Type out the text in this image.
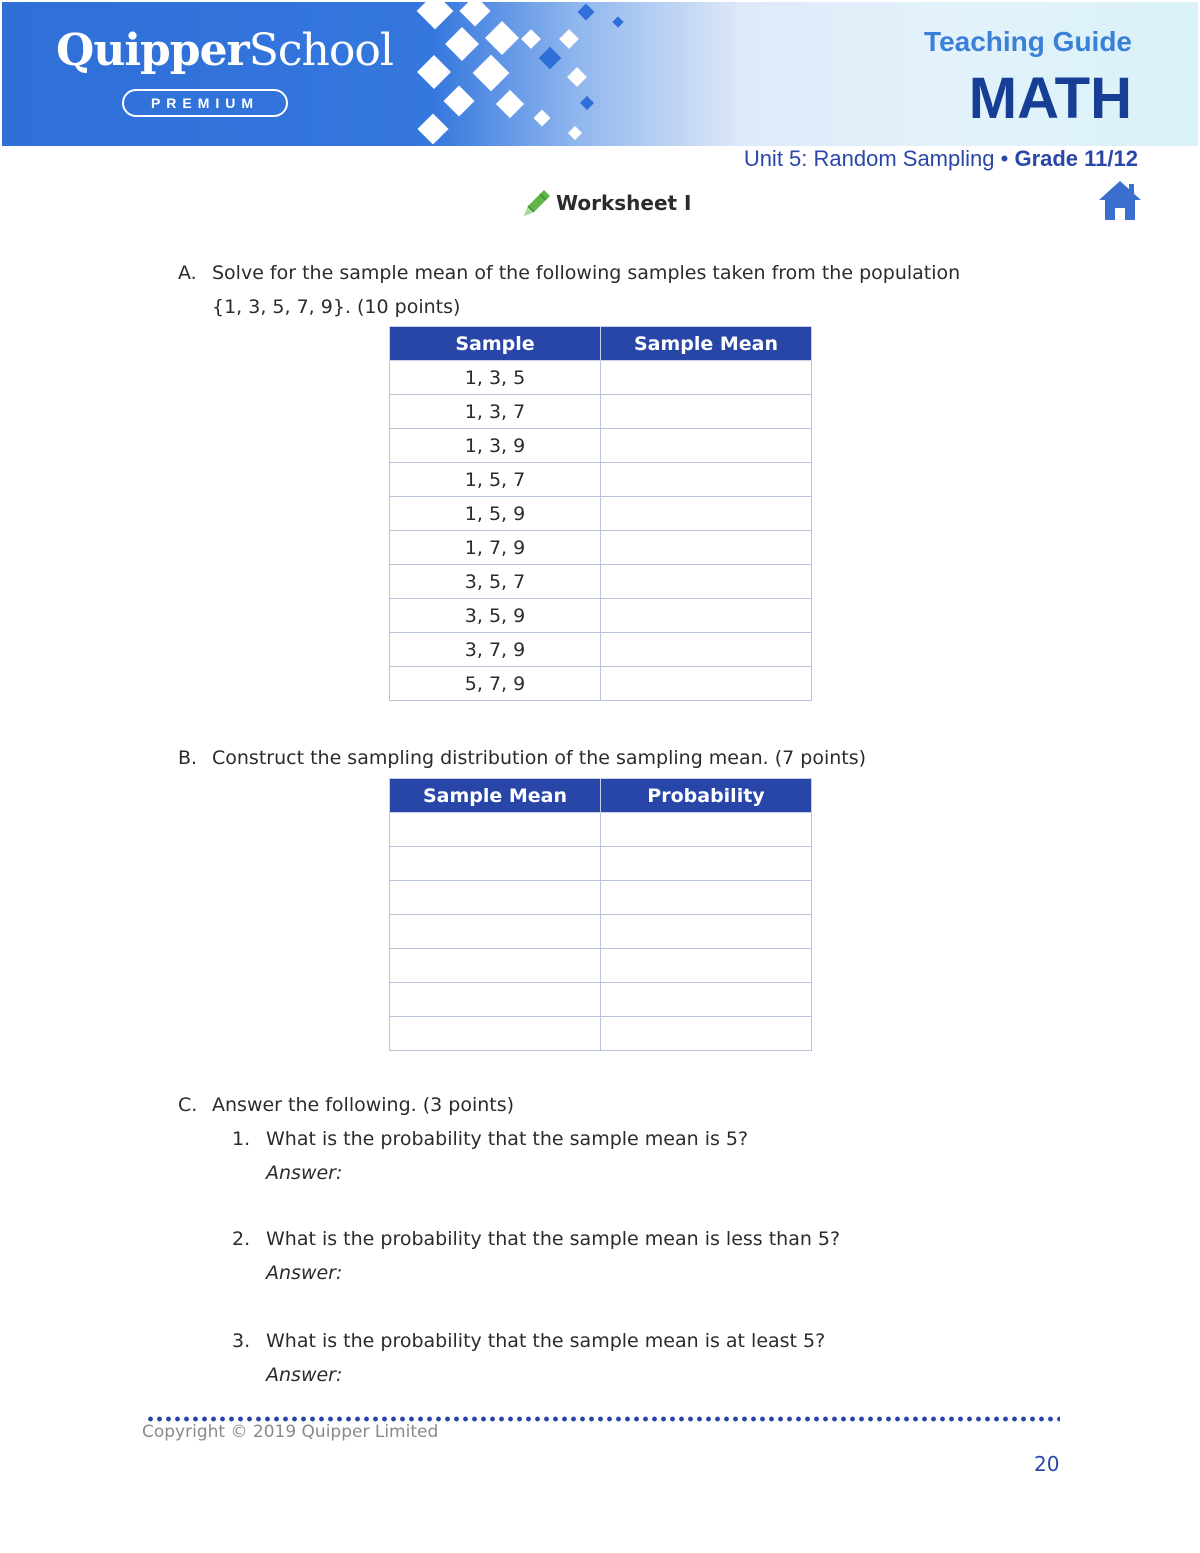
QuipperSchool
PREMIUM
Teaching Guide
MATH
Unit 5: Random Sampling • Grade 11/12
Worksheet I
A. Solve for the sample mean of the following samples taken from the population
{1, 3, 5, 7, 9}. (10 points)
Sample	Sample Mean
1, 3, 5	
1, 3, 7	
1, 3, 9	
1, 5, 7	
1, 5, 9	
1, 7, 9	
3, 5, 7	
3, 5, 9	
3, 7, 9	
5, 7, 9	
B. Construct the sampling distribution of the sampling mean. (7 points)
Sample Mean	Probability

C. Answer the following. (3 points)
1. What is the probability that the sample mean is 5?
Answer:
2. What is the probability that the sample mean is less than 5?
Answer:
3. What is the probability that the sample mean is at least 5?
Answer:
Copyright © 2019 Quipper Limited
20
